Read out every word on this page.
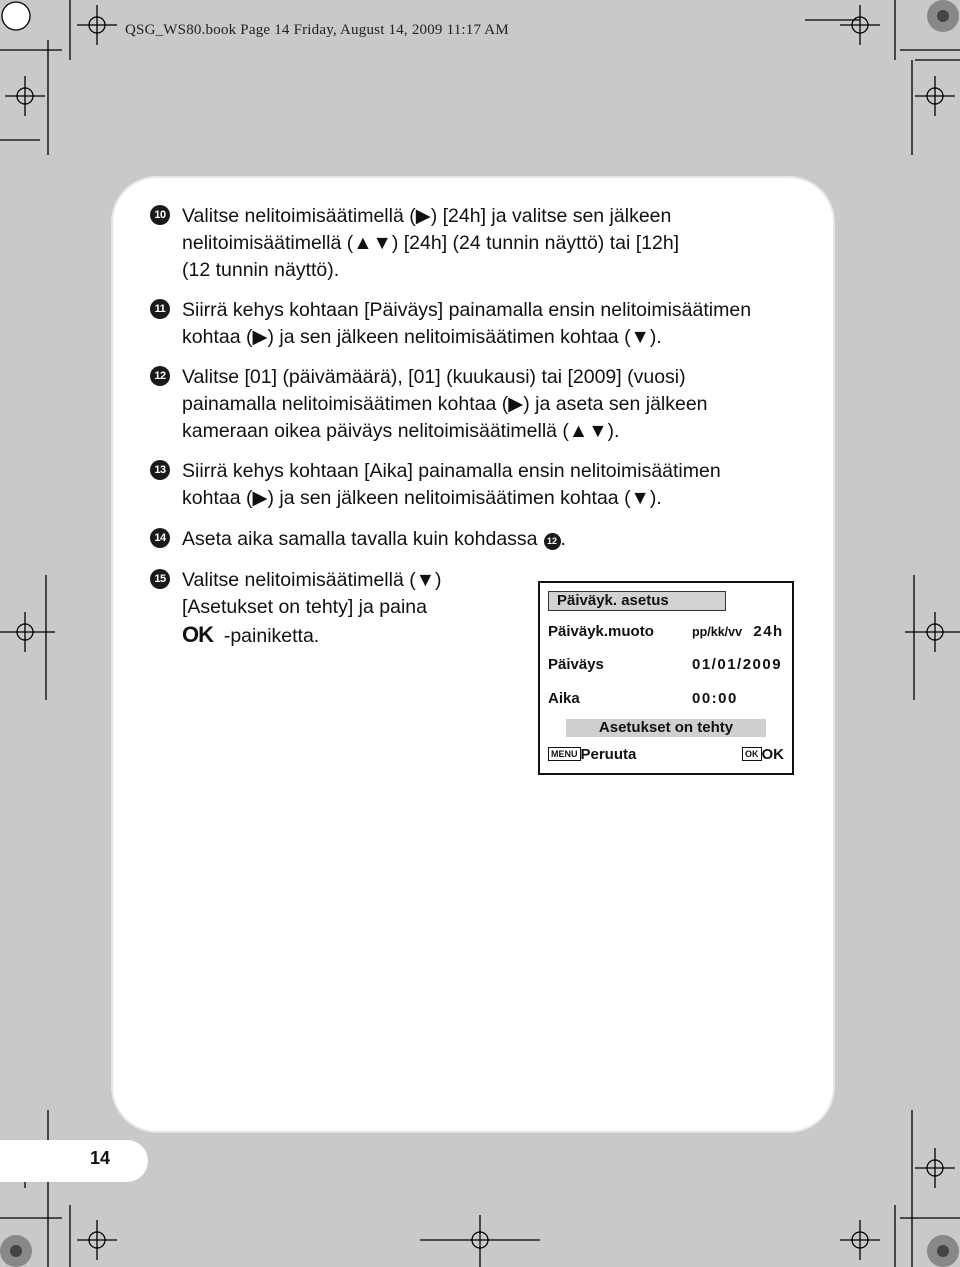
QSG_WS80.book Page 14 Friday, August 14, 2009 11:17 AM
14
10 Valitse nelitoimisäätimellä (▶) [24h] ja valitse sen jälkeen
nelitoimisäätimellä (▲▼) [24h] (24 tunnin näyttö) tai [12h]
(12 tunnin näyttö).
11 Siirrä kehys kohtaan [Päiväys] painamalla ensin nelitoimisäätimen
kohtaa (▶) ja sen jälkeen nelitoimisäätimen kohtaa (▼).
12 Valitse [01] (päivämäärä), [01] (kuukausi) tai [2009] (vuosi)
painamalla nelitoimisäätimen kohtaa (▶) ja aseta sen jälkeen
kameraan oikea päiväys nelitoimisäätimellä (▲▼).
13 Siirrä kehys kohtaan [Aika] painamalla ensin nelitoimisäätimen
kohtaa (▶) ja sen jälkeen nelitoimisäätimen kohtaa (▼).
14 Aseta aika samalla tavalla kuin kohdassa 12 .
15 Valitse nelitoimisäätimellä (▼)
[Asetukset on tehty] ja paina
OK -painiketta.
Päiväyk. asetus
Päiväyk.muoto	pp/kk/vv 24h
Päiväys	01/01/2009
Aika	00:00
Asetukset on tehty
MENU Peruuta	OK OK
